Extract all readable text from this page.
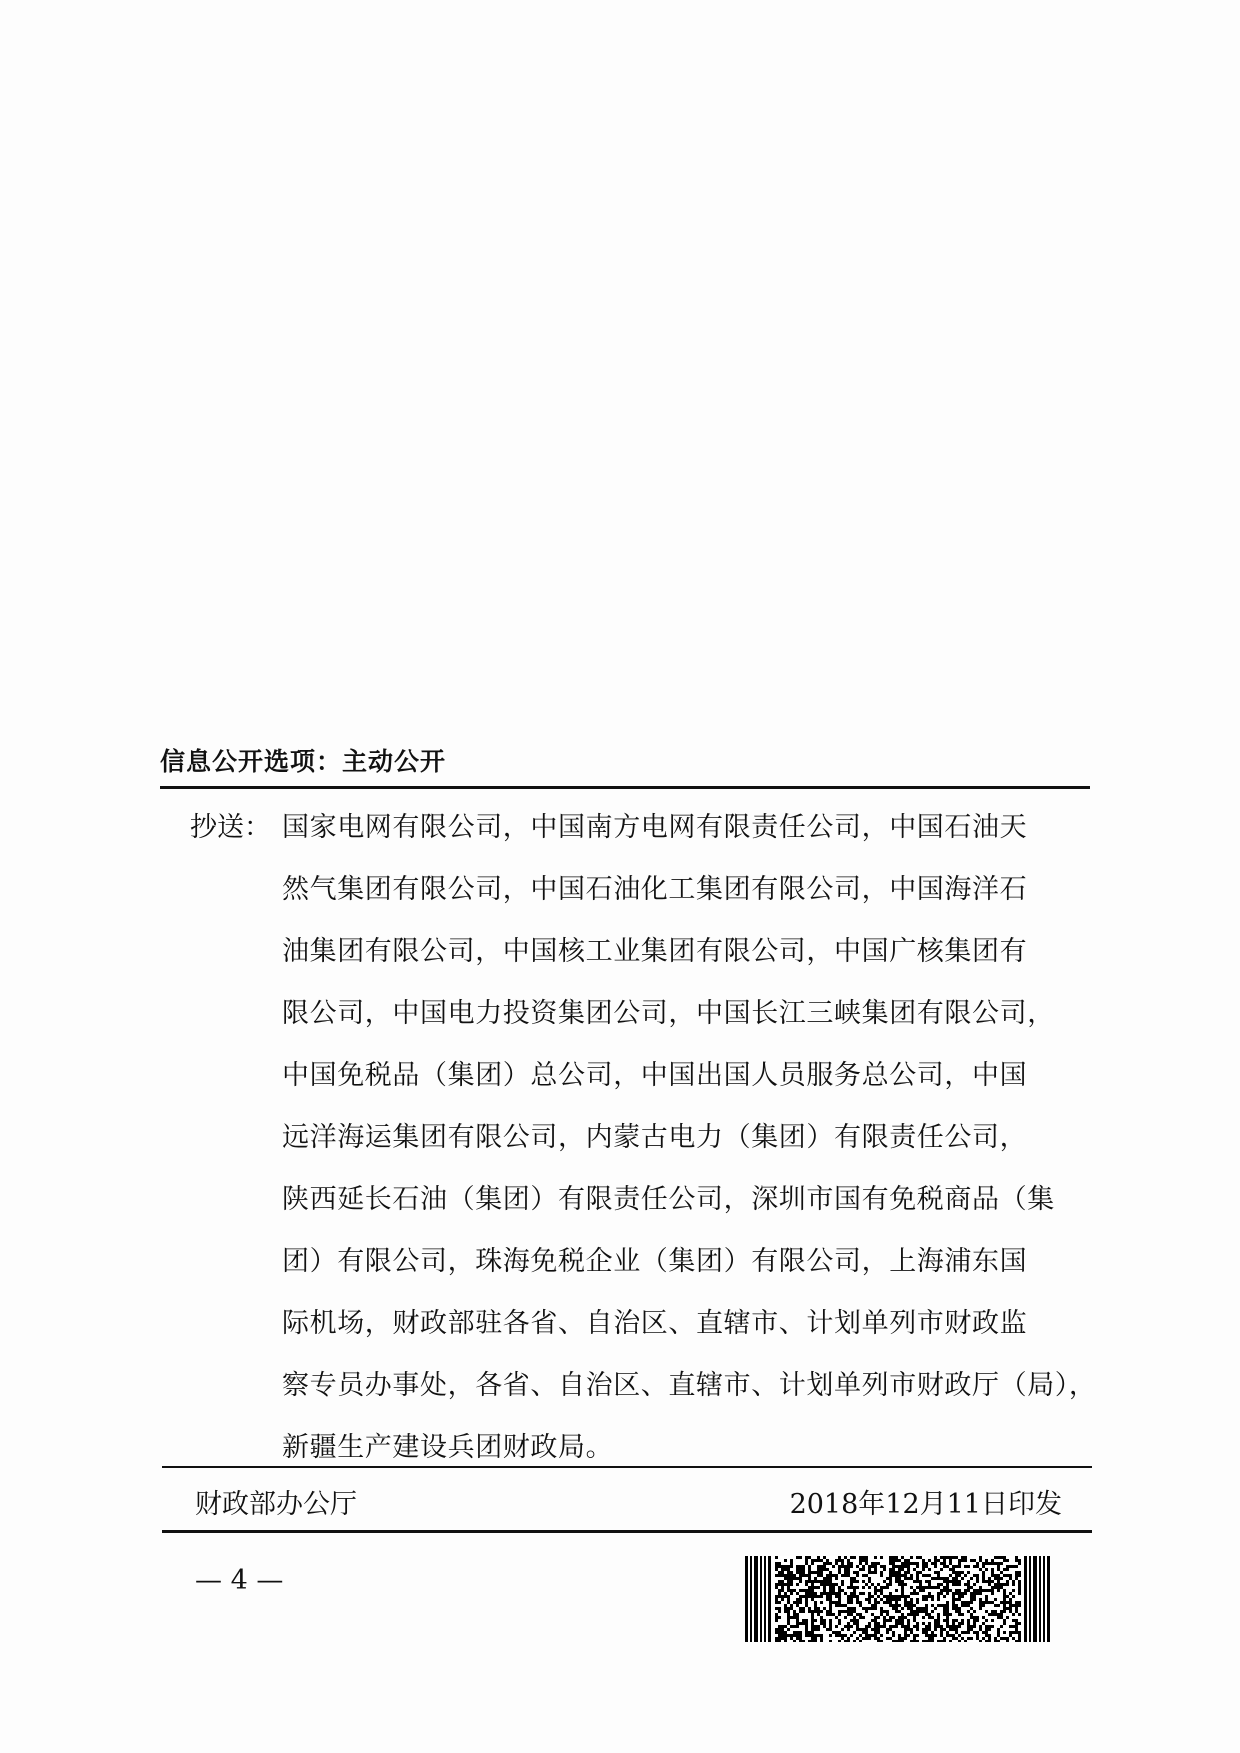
信息公开选项：主动公开
抄送： 国家电网有限公司，中国南方电网有限责任公司，中国石油天
然气集团有限公司，中国石油化工集团有限公司，中国海洋石
油集团有限公司，中国核工业集团有限公司，中国广核集团有
限公司，中国电力投资集团公司，中国长江三峡集团有限公司，
中国免税品（集团）总公司，中国出国人员服务总公司，中国
远洋海运集团有限公司，内蒙古电力（集团）有限责任公司，
陕西延长石油（集团）有限责任公司，深圳市国有免税商品（集
团）有限公司，珠海免税企业（集团）有限公司，上海浦东国
际机场，财政部驻各省、自治区、直辖市、计划单列市财政监
察专员办事处，各省、自治区、直辖市、计划单列市财政厅（局），
新疆生产建设兵团财政局。
财政部办公厅	2018年12月11日印发
— 4 —
